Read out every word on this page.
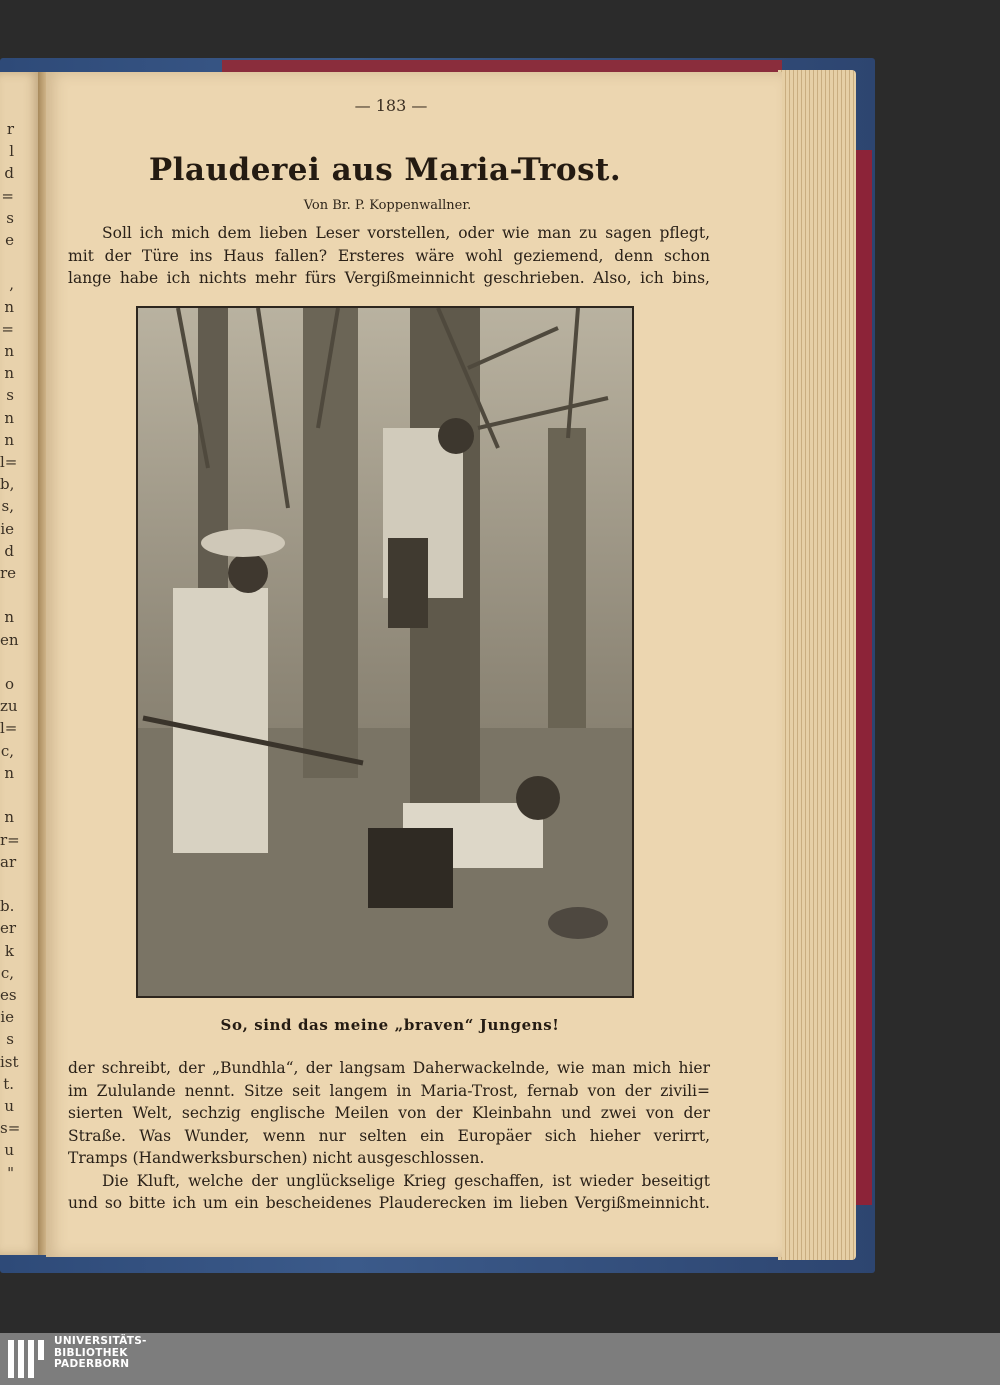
r
l
d
=
s
e

,
n
=
n
n
s
n
n
l=
b,
s,
ie
d
re

n
en

o
zu
l=
c,
n

n
r=
ar

b.
er
k
c,
es
ie
s
ist
t.
u
s=
u
"
— 183 —
Plauderei aus Maria-Trost.
Von Br. P. Koppenwallner.
Soll ich mich dem lieben Leser vorstellen, oder wie man zu sagen pflegt,
mit der Türe ins Haus fallen? Ersteres wäre wohl geziemend, denn schon
lange habe ich nichts mehr fürs Vergißmeinnicht geschrieben. Also, ich bins,
So, sind das meine „braven“ Jungens!
der schreibt, der „Bundhla“, der langsam Daherwackelnde, wie man mich hier
im Zululande nennt. Sitze seit langem in Maria-Trost, fernab von der zivili=
sierten Welt, sechzig englische Meilen von der Kleinbahn und zwei von der
Straße. Was Wunder, wenn nur selten ein Europäer sich hieher verirrt,
Tramps (Handwerksburschen) nicht ausgeschlossen.
Die Kluft, welche der unglückselige Krieg geschaffen, ist wieder beseitigt
und so bitte ich um ein bescheidenes Plauderecken im lieben Vergißmeinnicht.
UNIVERSITÄTS-
BIBLIOTHEK
PADERBORN
